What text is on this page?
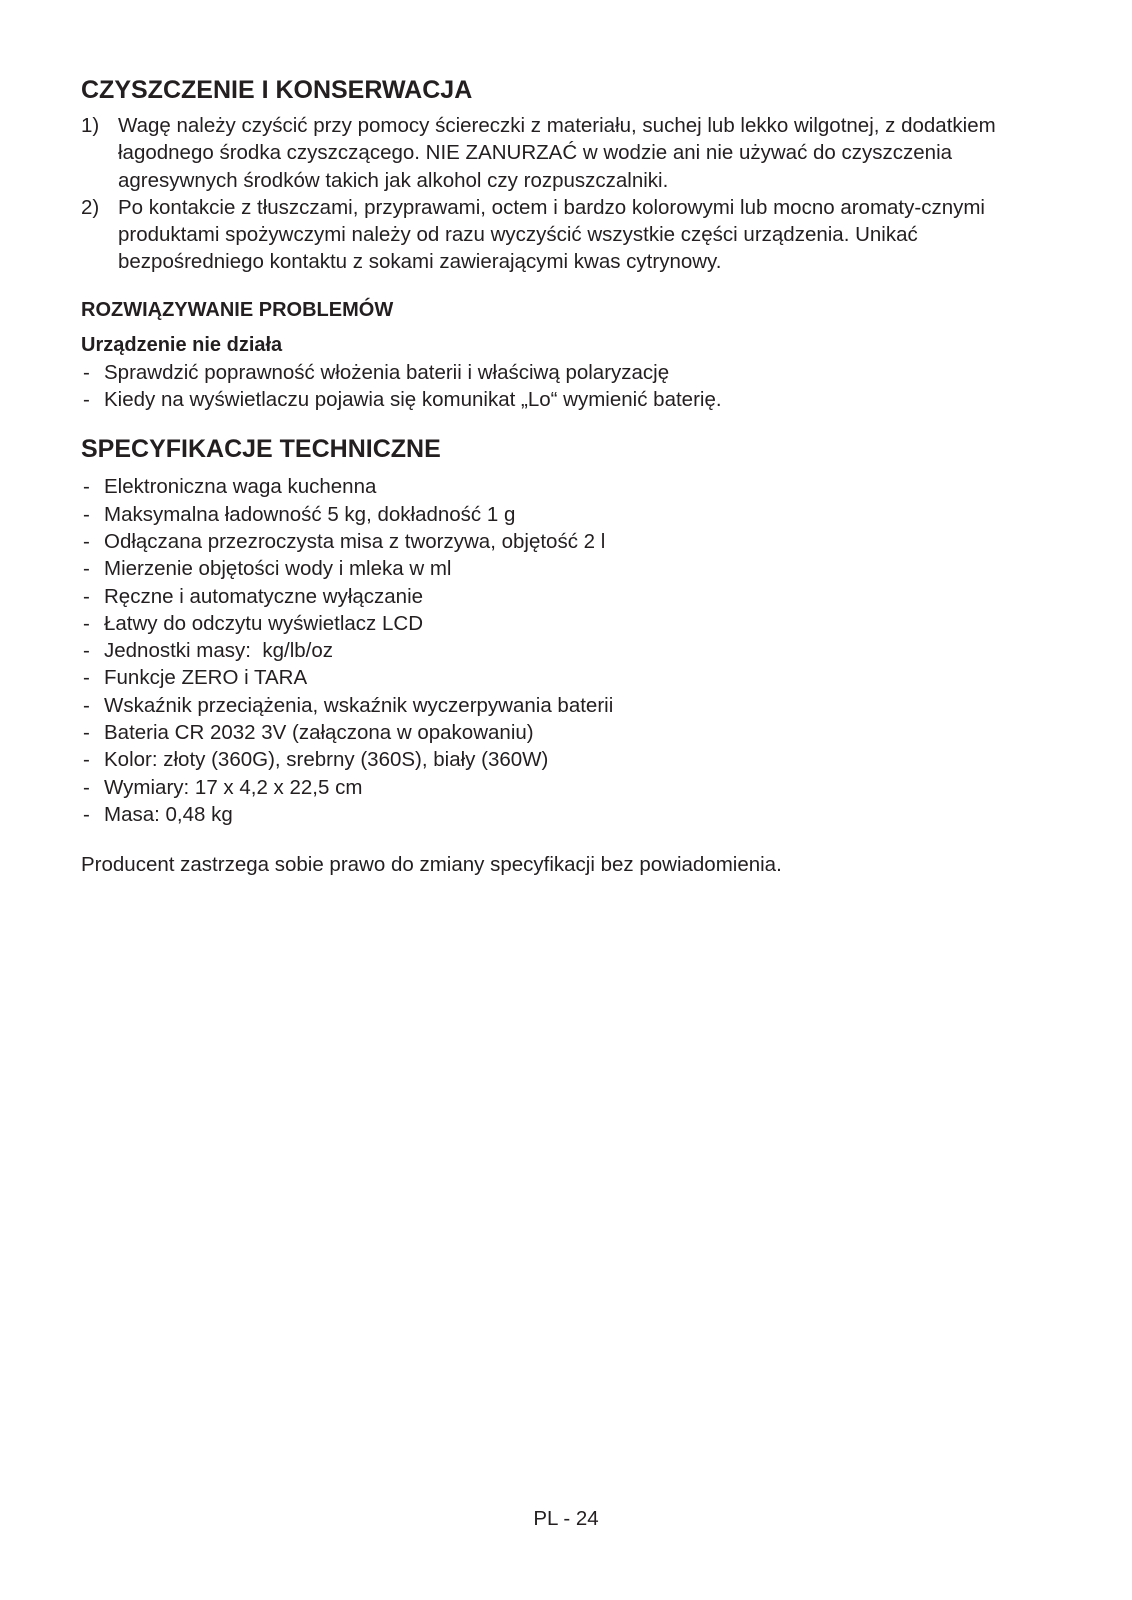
CZYSZCZENIE I KONSERWACJA
1) Wagę należy czyścić przy pomocy ściereczki z materiału, suchej lub lekko wilgotnej, z dodatkiem łagodnego środka czyszczącego. NIE ZANURZAĆ w wodzie ani nie używać do czyszczenia agresywnych środków takich jak alkohol czy rozpuszczalniki.
2) Po kontakcie z tłuszczami, przyprawami, octem i bardzo kolorowymi lub mocno aromaty-cznymi produktami spożywczymi należy od razu wyczyścić wszystkie części urządzenia. Unikać bezpośredniego kontaktu z sokami zawierającymi kwas cytrynowy.
ROZWIĄZYWANIE PROBLEMÓW
Urządzenie nie działa
- Sprawdzić poprawność włożenia baterii i właściwą polaryzację
- Kiedy na wyświetlaczu pojawia się komunikat „Lo“ wymienić baterię.
SPECYFIKACJE TECHNICZNE
- Elektroniczna waga kuchenna
- Maksymalna ładowność 5 kg, dokładność 1 g
- Odłączana przezroczysta misa z tworzywa, objętość 2 l
- Mierzenie objętości wody i mleka w ml
- Ręczne i automatyczne wyłączanie
- Łatwy do odczytu wyświetlacz LCD
- Jednostki masy:  kg/lb/oz
- Funkcje ZERO i TARA
- Wskaźnik przeciążenia, wskaźnik wyczerpywania baterii
- Bateria CR 2032 3V (załączona w opakowaniu)
- Kolor: złoty (360G), srebrny (360S), biały (360W)
- Wymiary: 17 x 4,2 x 22,5 cm
- Masa: 0,48 kg

Producent zastrzega sobie prawo do zmiany specyfikacji bez powiadomienia.

PL - 24
